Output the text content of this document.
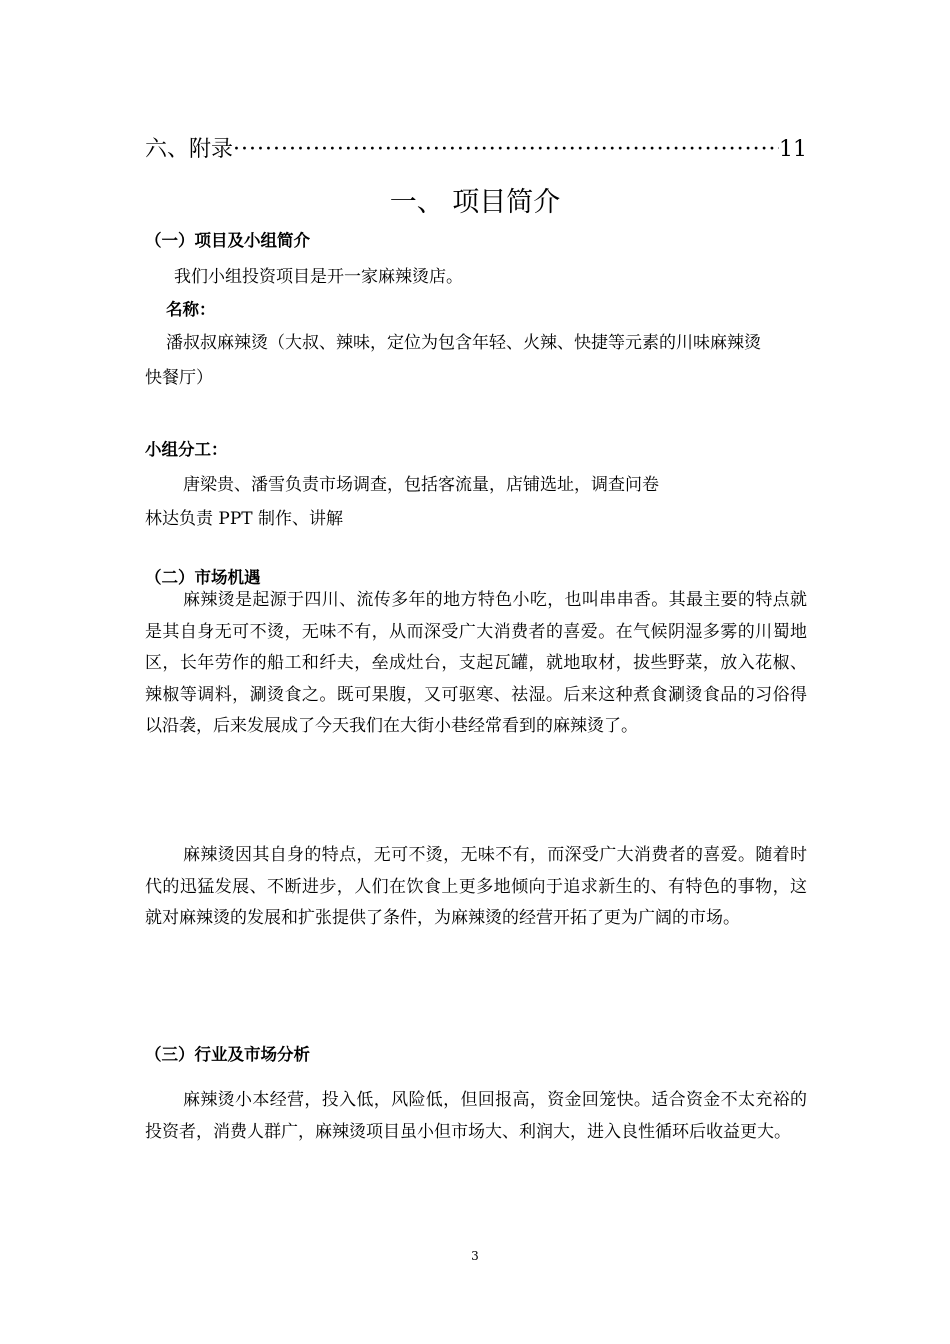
六、附录
·····	11
一、 项目简介
（一）项目及小组简介
我们小组投资项目是开一家麻辣烫店。
名称：
潘叔叔麻辣烫（大叔、辣味，定位为包含年轻、火辣、快捷等元素的川味麻辣烫
快餐厅）
小组分工：
唐梁贵、潘雪负责市场调查，包括客流量，店铺选址，调查问卷
林达负责 PPT 制作、讲解
（二）市场机遇
麻辣烫是起源于四川、流传多年的地方特色小吃，也叫串串香。其最主要的特点就是其自身无可不烫，无味不有，从而深受广大消费者的喜爱。在气候阴湿多雾的川蜀地区，长年劳作的船工和纤夫，垒成灶台，支起瓦罐，就地取材，拔些野菜，放入花椒、辣椒等调料，涮烫食之。既可果腹，又可驱寒、祛湿。后来这种煮食涮烫食品的习俗得以沿袭，后来发展成了今天我们在大街小巷经常看到的麻辣烫了。
麻辣烫因其自身的特点，无可不烫，无味不有，而深受广大消费者的喜爱。随着时代的迅猛发展、不断进步，人们在饮食上更多地倾向于追求新生的、有特色的事物，这就对麻辣烫的发展和扩张提供了条件，为麻辣烫的经营开拓了更为广阔的市场。
（三）行业及市场分析
麻辣烫小本经营，投入低，风险低，但回报高，资金回笼快。适合资金不太充裕的投资者，消费人群广，麻辣烫项目虽小但市场大、利润大，进入良性循环后收益更大。
3
